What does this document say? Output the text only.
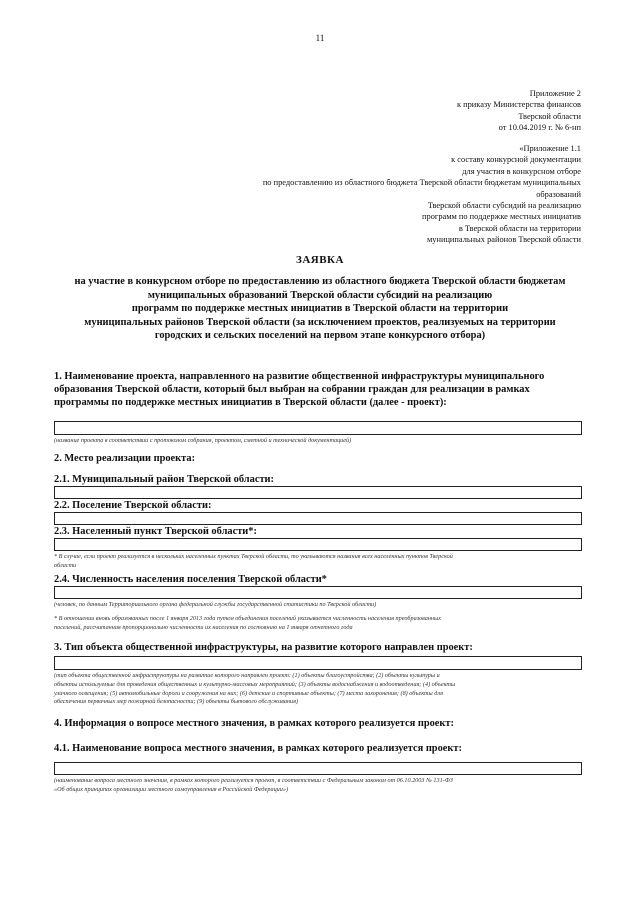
11
Приложение 2
к приказу Министерства финансов
Тверской области
от 10.04.2019 г. № 6-нп
«Приложение 1.1
к составу конкурсной документации
для участия в конкурсном отборе
по предоставлению из областного бюджета Тверской области бюджетам муниципальных
образований
Тверской области субсидий на реализацию
программ по поддержке местных инициатив
в Тверской области на территории
муниципальных районов Тверской области
ЗАЯВКА
на участие в конкурсном отборе по предоставлению из областного бюджета Тверской области бюджетам
муниципальных образований Тверской области субсидий на реализацию
программ по поддержке местных инициатив в Тверской области на территории
муниципальных районов Тверской области (за исключением проектов, реализуемых на территории
городских и сельских поселений на первом этапе конкурсного отбора)
1. Наименование проекта, направленного на развитие общественной инфраструктуры муниципального
образования Тверской области, который был выбран на собрании граждан для реализации в рамках
программы по поддержке местных инициатив в Тверской области (далее - проект):
(название проекта в соответствии с протоколом собрания, проектом, сметной и технической документацией)
2. Место реализации проекта:
2.1. Муниципальный район Тверской области:
2.2. Поселение Тверской области:
2.3. Населенный пункт Тверской области*:
* В случае, если проект реализуется в нескольких населенных пунктах Тверской области, то указываются названия всех населенных пунктов Тверской
области
2.4. Численность населения поселения Тверской области*
(человек, по данным Территориального органа федеральной службы государственной статистики по Тверской области)
* В отношении вновь образованных после 1 января 2013 года путем объединения поселений указывается численность населения преобразованных
поселений, рассчитанная пропорционально численности их населения по состоянию на 1 января отчетного года
3. Тип объекта общественной инфраструктуры, на развитие которого направлен проект:
(тип объекта общественной инфраструктуры на развитие которого направлен проект: (1) объекты благоустройства; (2) объекты культуры и
объекты используемые для проведения общественных и культурно-массовых мероприятий; (3) объекты водоснабжения и водоотведения; (4) объекты
уличного освещения; (5) автомобильные дороги и сооружения на них; (6) детские и спортивные объекты; (7) места захоронения; (8) объекты для
обеспечения первичных мер пожарной безопасности; (9) объекты бытового обслуживания)
4. Информация о вопросе местного значения, в рамках которого реализуется проект:
4.1. Наименование вопроса местного значения, в рамках которого реализуется проект:
(наименование вопроса местного значения, в рамках которого реализуется проект, в соответствии с Федеральным законом от 06.10.2003 № 131-ФЗ
«Об общих принципах организации местного самоуправления в Российской Федерации»)
